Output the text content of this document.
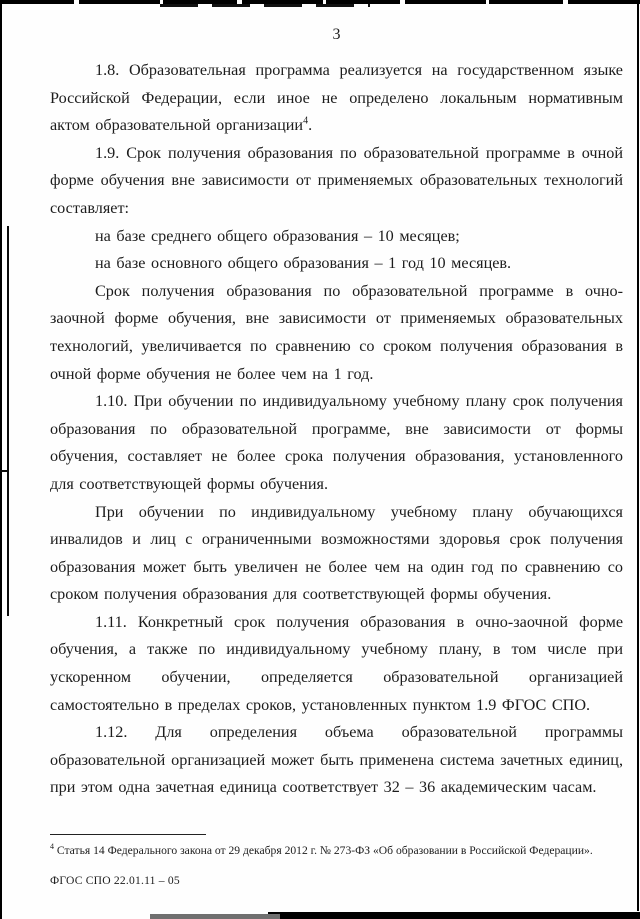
3

1.8. Образовательная программа реализуется на государственном языке Российской Федерации, если иное не определено локальным нормативным актом образовательной организации$^4$.

1.9. Срок получения образования по образовательной программе в очной форме обучения вне зависимости от применяемых образовательных технологий составляет:

на базе среднего общего образования – 10 месяцев;

на базе основного общего образования – 1 год 10 месяцев.

Срок получения образования по образовательной программе в очно-заочной форме обучения, вне зависимости от применяемых образовательных технологий, увеличивается по сравнению со сроком получения образования в очной форме обучения не более чем на 1 год.

1.10. При обучении по индивидуальному учебному плану срок получения образования по образовательной программе, вне зависимости от формы обучения, составляет не более срока получения образования, установленного для соответствующей формы обучения.

При обучении по индивидуальному учебному плану обучающихся инвалидов и лиц с ограниченными возможностями здоровья срок получения образования может быть увеличен не более чем на один год по сравнению со сроком получения образования для соответствующей формы обучения.

1.11. Конкретный срок получения образования в очно-заочной форме обучения, а также по индивидуальному учебному плану, в том числе при ускоренном обучении, определяется образовательной организацией самостоятельно в пределах сроков, установленных пунктом 1.9 ФГОС СПО.

1.12. Для определения объема образовательной программы образовательной организацией может быть применена система зачетных единиц, при этом одна зачетная единица соответствует 32 – 36 академическим часам.

$^4$ Статья 14 Федерального закона от 29 декабря 2012 г. № 273-ФЗ «Об образовании в Российской Федерации».
ФГОС СПО 22.01.11 – 05
